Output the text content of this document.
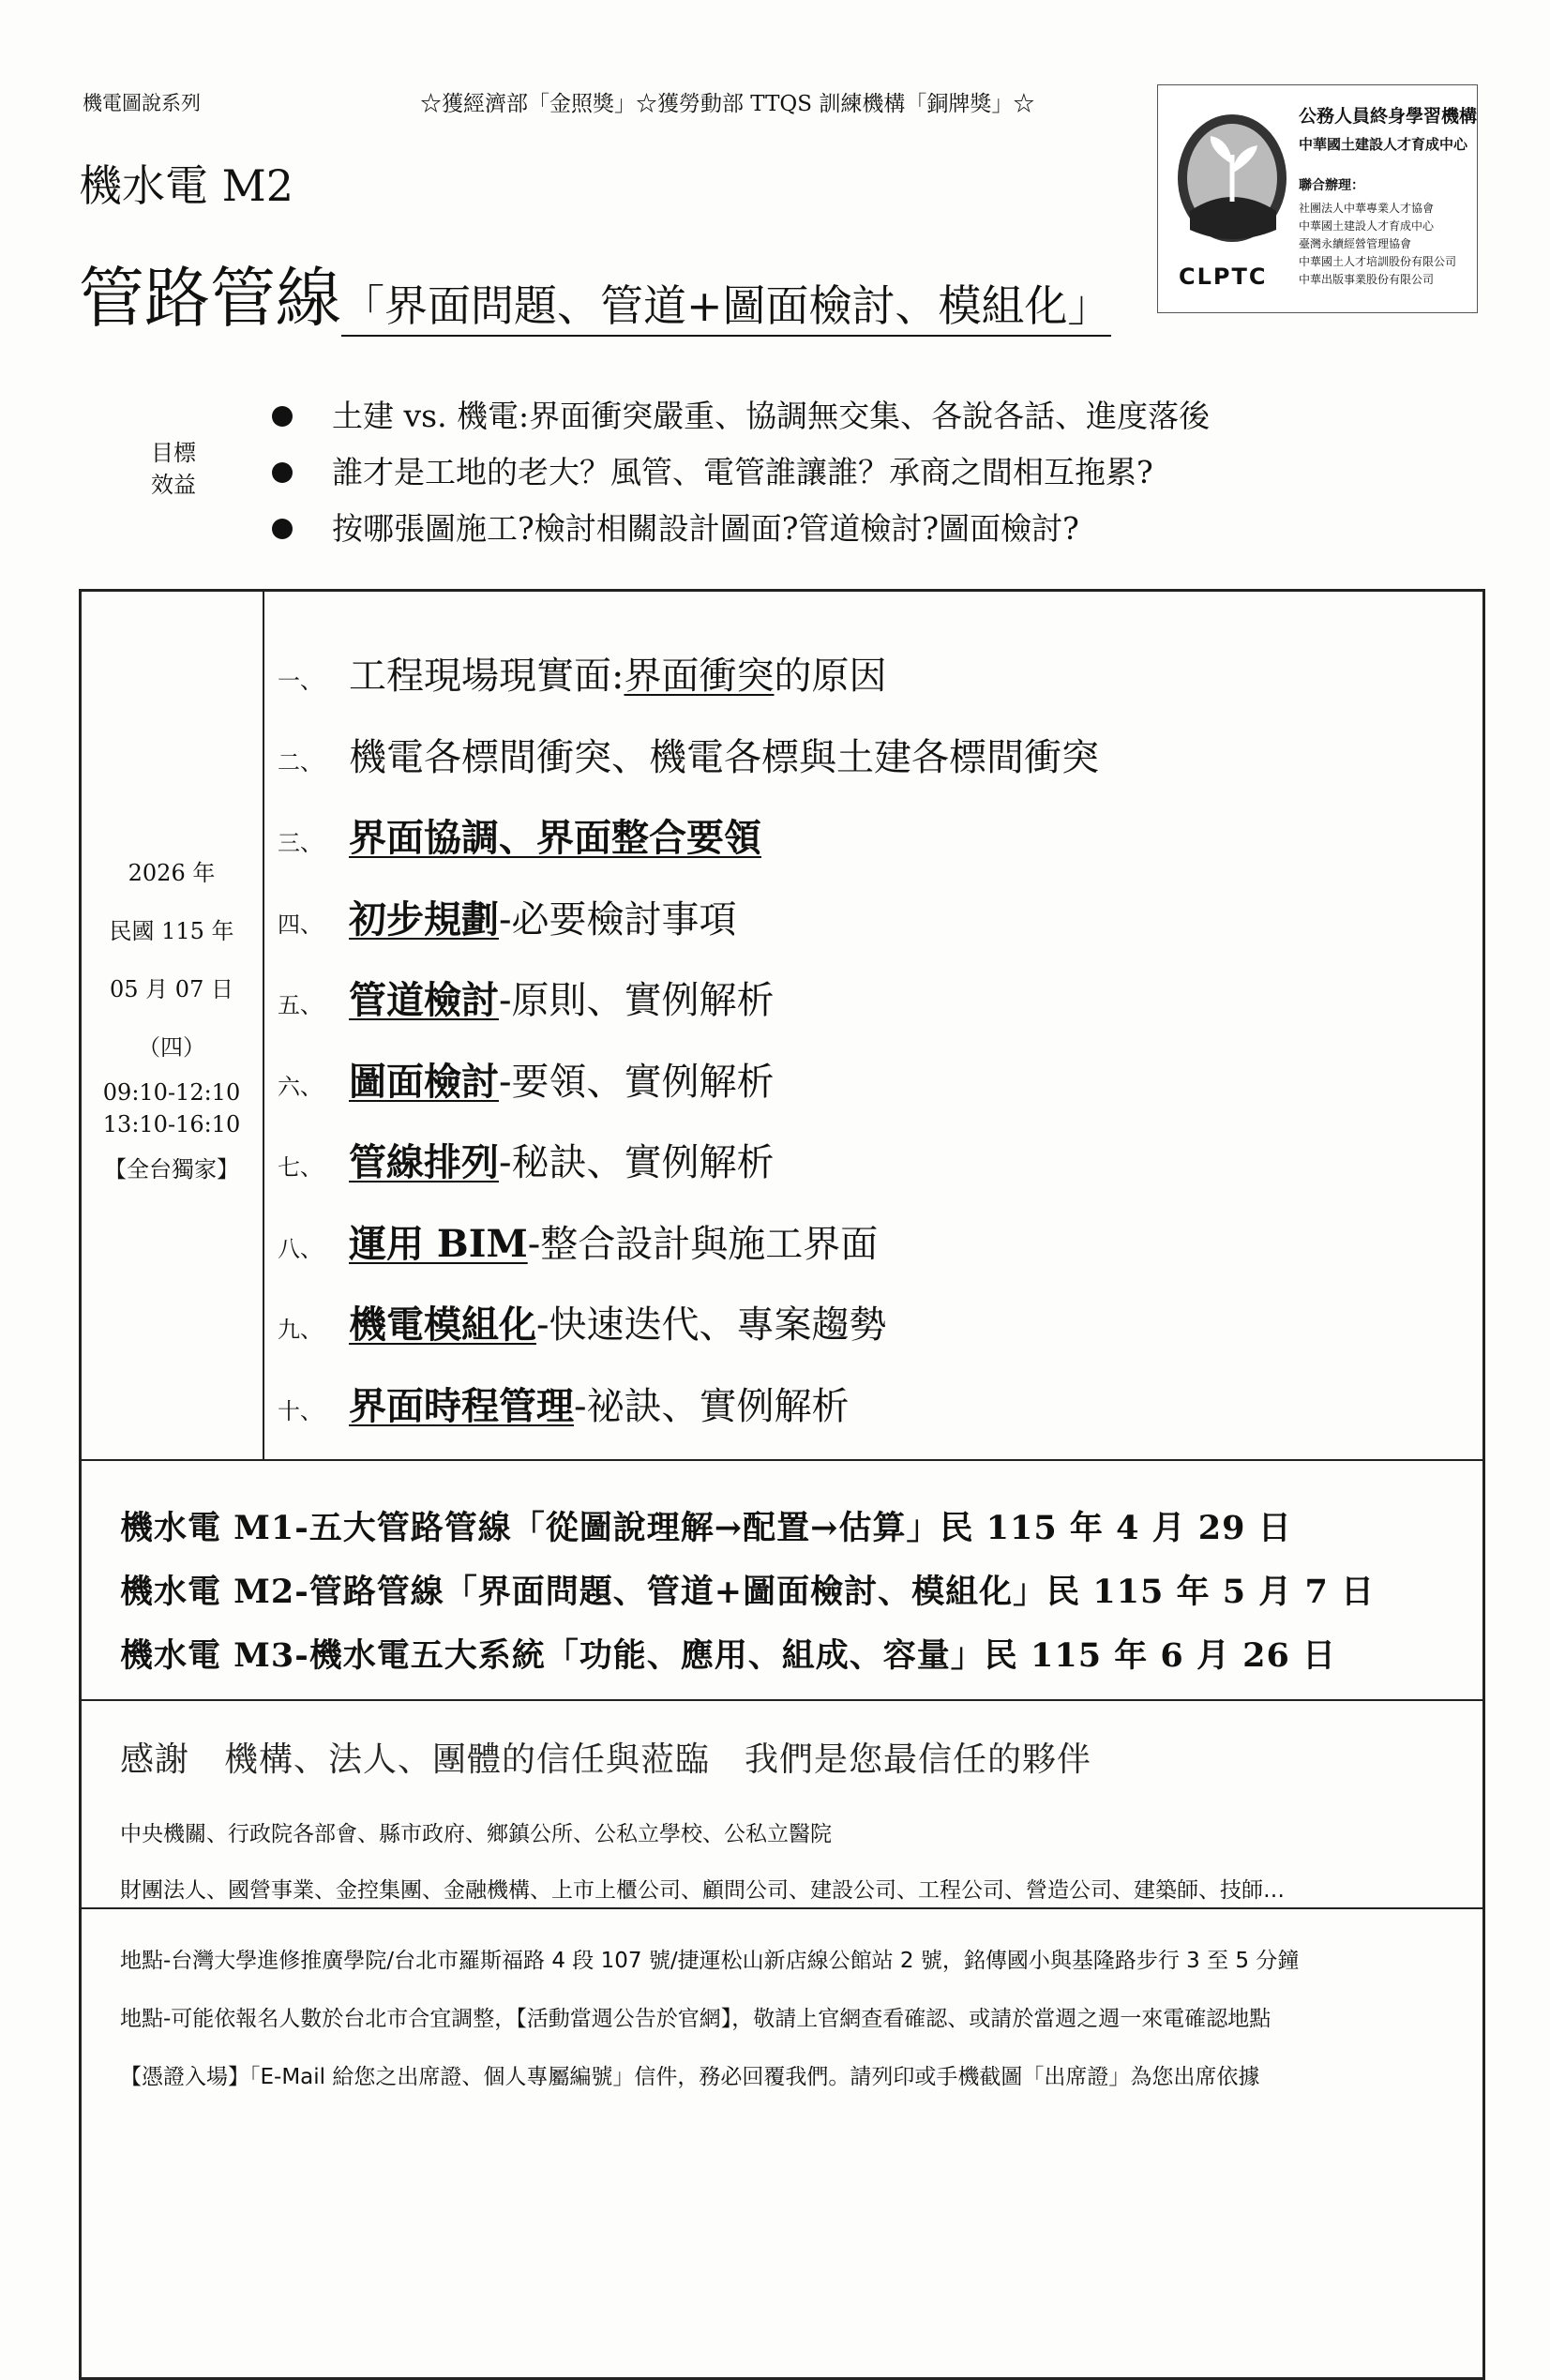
機電圖說系列	☆獲經濟部「金照獎」☆獲勞動部 TTQS 訓練機構「銅牌獎」☆
機水電 M2
管路管線「界面問題、管道+圖面檢討、模組化」
CLPTC
公務人員終身學習機構
中華國土建設人才育成中心
聯合辦理：
社團法人中華專業人才協會
中華國土建設人才育成中心
臺灣永續經營管理協會
中華國土人才培訓股份有限公司
中華出版事業股份有限公司
目標
效益
土建 vs. 機電:界面衝突嚴重、協調無交集、各說各話、進度落後
誰才是工地的老大？風管、電管誰讓誰？承商之間相互拖累?
按哪張圖施工?檢討相關設計圖面?管道檢討?圖面檢討?
2026 年
民國 115 年
05 月 07 日
（四）
09:10-12:10
13:10-16:10
【全台獨家】
一、 工程現場現實面:界面衝突的原因
二、 機電各標間衝突、機電各標與土建各標間衝突
三、 界面協調、界面整合要領
四、 初步規劃-必要檢討事項
五、 管道檢討-原則、實例解析
六、 圖面檢討-要領、實例解析
七、 管線排列-秘訣、實例解析
八、 運用 BIM-整合設計與施工界面
九、 機電模組化-快速迭代、專案趨勢
十、 界面時程管理-祕訣、實例解析
機水電 M1-五大管路管線「從圖說理解→配置→估算」民 115 年 4 月 29 日
機水電 M2-管路管線「界面問題、管道+圖面檢討、模組化」民 115 年 5 月 7 日
機水電 M3-機水電五大系統「功能、應用、組成、容量」民 115 年 6 月 26 日
感謝　機構、法人、團體的信任與蒞臨　我們是您最信任的夥伴
中央機關、行政院各部會、縣市政府、鄉鎮公所、公私立學校、公私立醫院
財團法人、國營事業、金控集團、金融機構、上市上櫃公司、顧問公司、建設公司、工程公司、營造公司、建築師、技師…
地點-台灣大學進修推廣學院/台北市羅斯福路 4 段 107 號/捷運松山新店線公館站 2 號，銘傳國小與基隆路步行 3 至 5 分鐘
地點-可能依報名人數於台北市合宜調整，【活動當週公告於官網】，敬請上官網查看確認、或請於當週之週一來電確認地點
【憑證入場】「E-Mail 給您之出席證、個人專屬編號」信件，務必回覆我們。請列印或手機截圖「出席證」為您出席依據
